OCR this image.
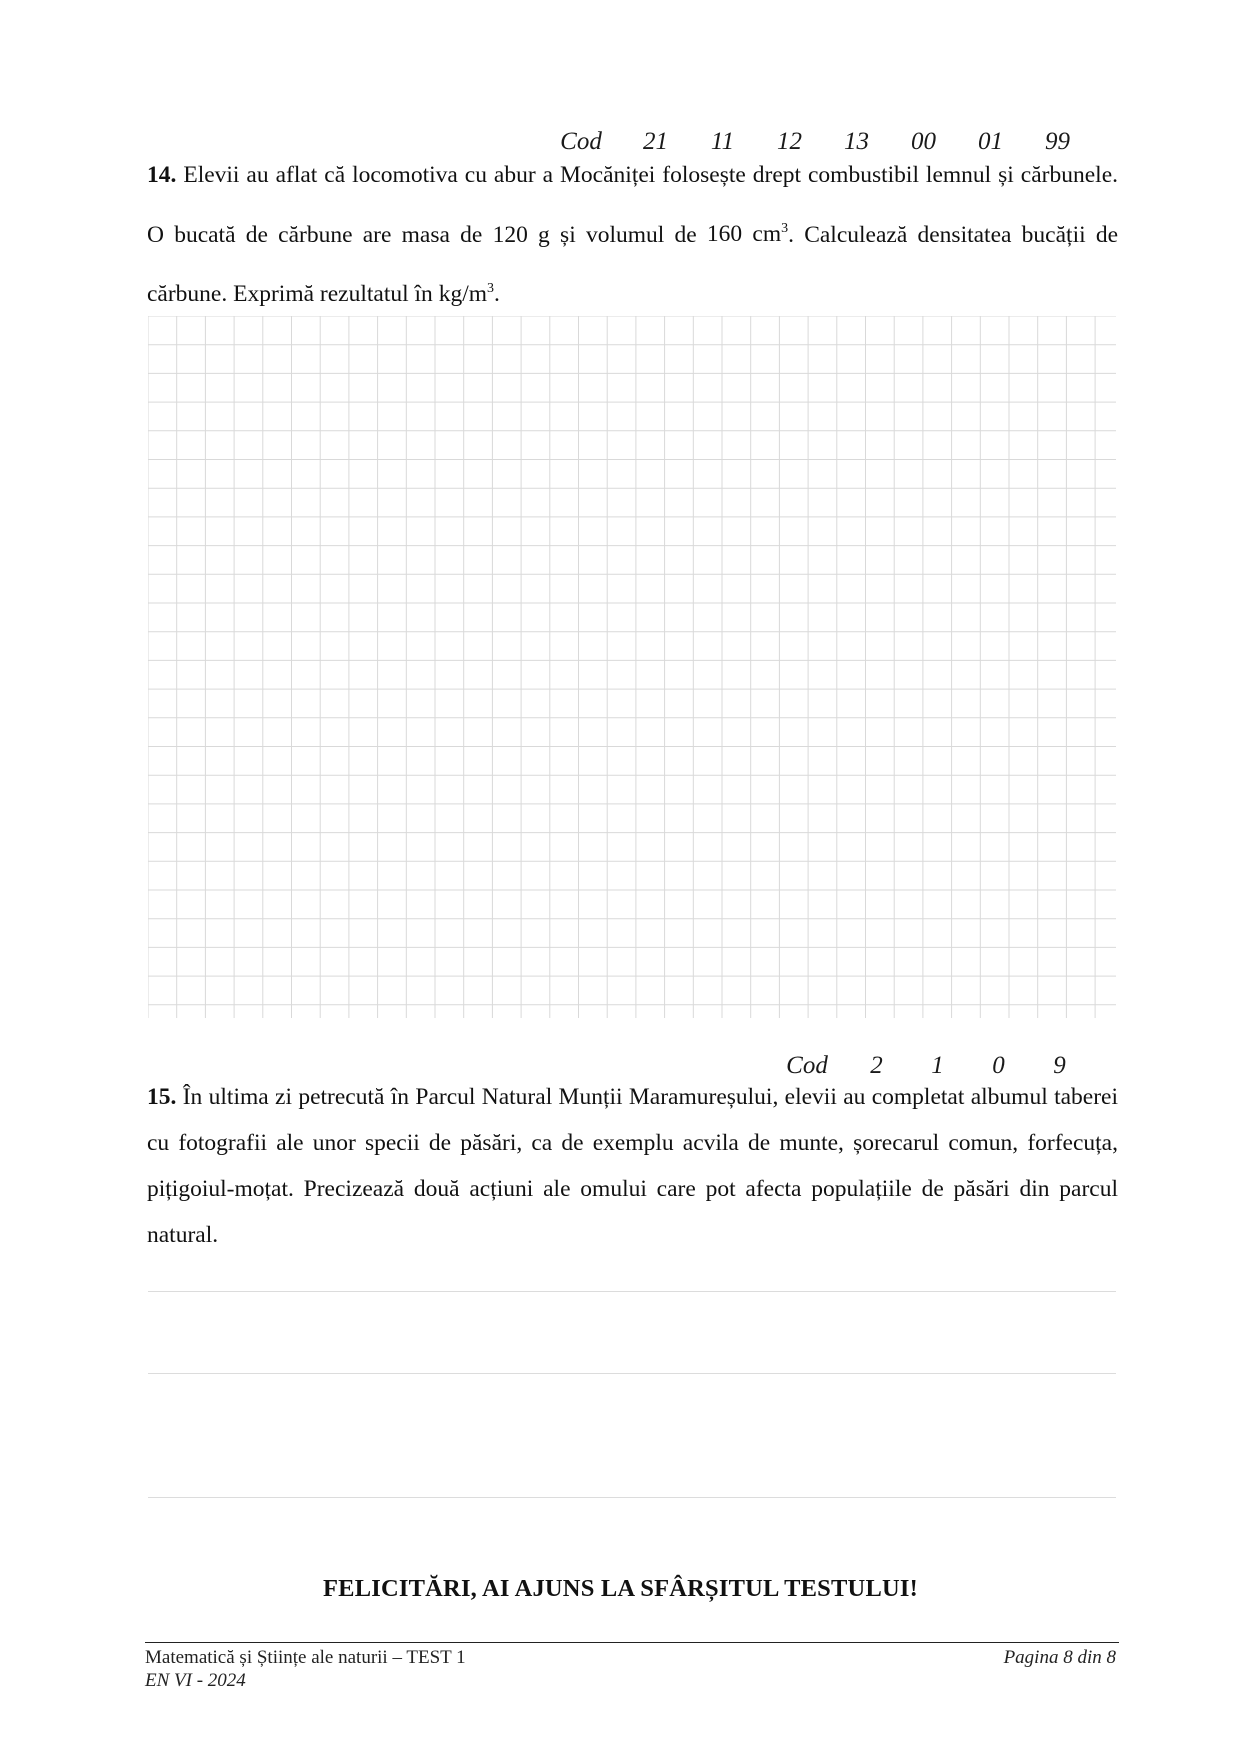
Cod	21	11	12	13	00	01	99
14. Elevii au aflat că locomotiva cu abur a Mocăniței folosește drept combustibil lemnul și cărbunele. O bucată de cărbune are masa de 120 g și volumul de 160 $cm^3$. Calculează densitatea bucății de cărbune. Exprimă rezultatul în $kg/m^3$.
Cod	2	1	0	9
15. În ultima zi petrecută în Parcul Natural Munții Maramureșului, elevii au completat albumul taberei cu fotografii ale unor specii de păsări, ca de exemplu acvila de munte, șorecarul comun, forfecuța, pițigoiul-moțat. Precizează două acțiuni ale omului care pot afecta populațiile de păsări din parcul natural.
FELICITĂRI, AI AJUNS LA SFÂRȘITUL TESTULUI!
Matematică și Științe ale naturii – TEST 1
EN VI - 2024
Pagina 8 din 8
